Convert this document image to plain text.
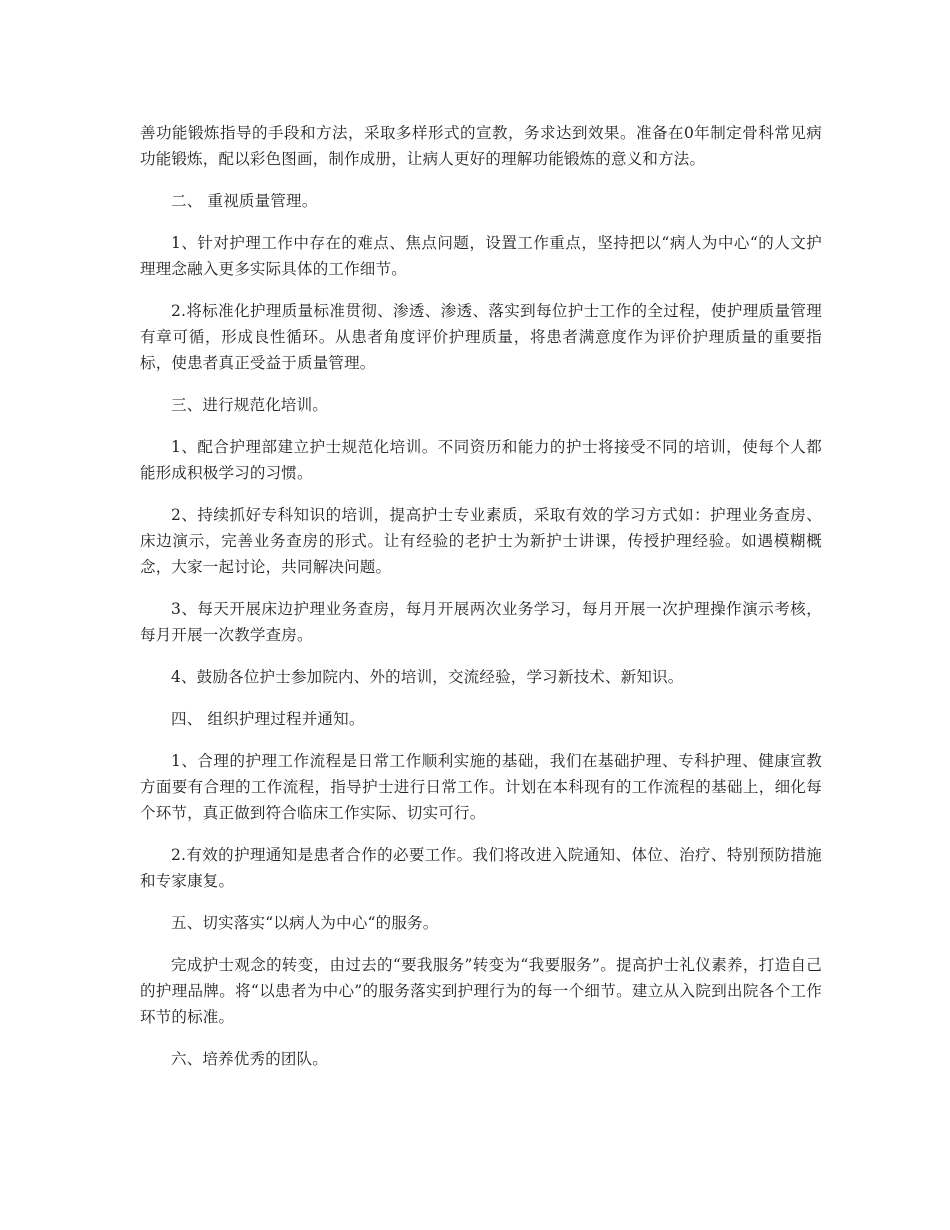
善功能锻炼指导的手段和方法，采取多样形式的宣教，务求达到效果。准备在0年制定骨科常见病功能锻炼，配以彩色图画，制作成册，让病人更好的理解功能锻炼的意义和方法。

二、 重视质量管理。

1、针对护理工作中存在的难点、焦点问题，设置工作重点，坚持把以“病人为中心“的人文护理理念融入更多实际具体的工作细节。

2.将标准化护理质量标准贯彻、渗透、渗透、落实到每位护士工作的全过程，使护理质量管理有章可循，形成良性循环。从患者角度评价护理质量，将患者满意度作为评价护理质量的重要指标，使患者真正受益于质量管理。

三、进行规范化培训。

1、配合护理部建立护士规范化培训。不同资历和能力的护士将接受不同的培训，使每个人都能形成积极学习的习惯。

2、持续抓好专科知识的培训，提高护士专业素质，采取有效的学习方式如：护理业务查房、床边演示，完善业务查房的形式。让有经验的老护士为新护士讲课，传授护理经验。如遇模糊概念，大家一起讨论，共同解决问题。

3、每天开展床边护理业务查房，每月开展两次业务学习，每月开展一次护理操作演示考核，每月开展一次教学查房。

4、鼓励各位护士参加院内、外的培训，交流经验，学习新技术、新知识。

四、 组织护理过程并通知。

1、合理的护理工作流程是日常工作顺利实施的基础，我们在基础护理、专科护理、健康宣教方面要有合理的工作流程，指导护士进行日常工作。计划在本科现有的工作流程的基础上，细化每个环节，真正做到符合临床工作实际、切实可行。

2.有效的护理通知是患者合作的必要工作。我们将改进入院通知、体位、治疗、特别预防措施和专家康复。

五、切实落实“以病人为中心“的服务。

完成护士观念的转变，由过去的“要我服务”转变为“我要服务”。提高护士礼仪素养，打造自己的护理品牌。将“以患者为中心”的服务落实到护理行为的每一个细节。建立从入院到出院各个工作环节的标准。

六、培养优秀的团队。
